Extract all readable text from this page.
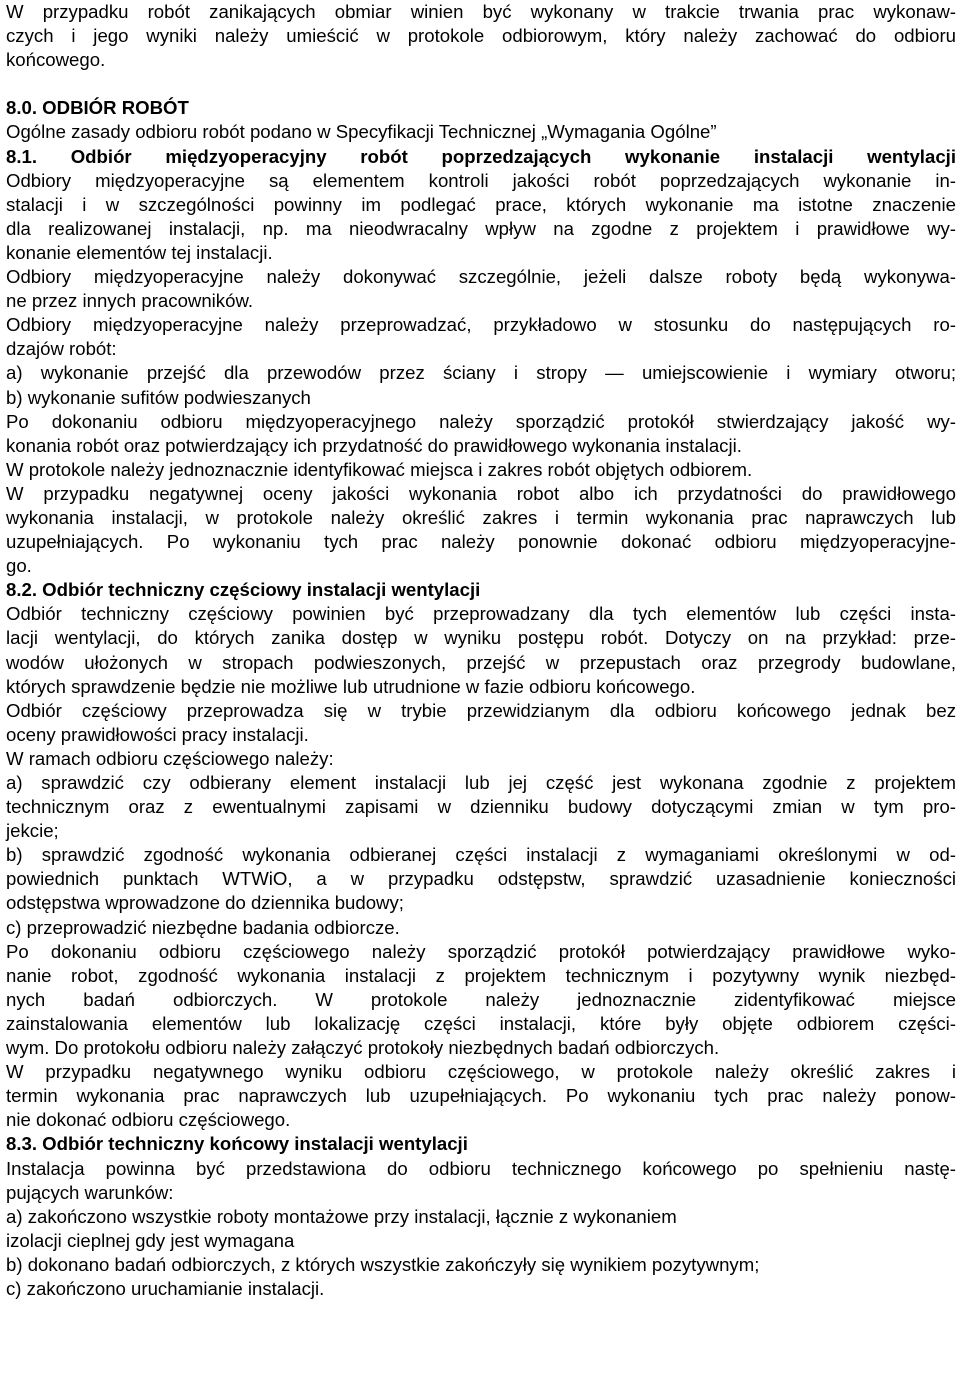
W przypadku robót zanikających obmiar winien być wykonany w trakcie trwania prac wykonaw-
czych i jego wyniki należy umieścić w protokole odbiorowym, który należy zachować do odbioru
końcowego.
8.0. ODBIÓR ROBÓT
Ogólne zasady odbioru robót podano w Specyfikacji Technicznej „Wymagania Ogólne”
8.1. Odbiór międzyoperacyjny robót poprzedzających wykonanie instalacji wentylacji
Odbiory międzyoperacyjne są elementem kontroli jakości robót poprzedzających wykonanie in-
stalacji i w szczególności powinny im podlegać prace, których wykonanie ma istotne znaczenie
dla realizowanej instalacji, np. ma nieodwracalny wpływ na zgodne z projektem i prawidłowe wy-
konanie elementów tej instalacji.
Odbiory międzyoperacyjne należy dokonywać szczególnie, jeżeli dalsze roboty będą wykonywa-
ne przez innych pracowników.
Odbiory międzyoperacyjne należy przeprowadzać, przykładowo w stosunku do następujących ro-
dzajów robót:
a) wykonanie przejść dla przewodów przez ściany i stropy — umiejscowienie i wymiary otworu;
b) wykonanie sufitów podwieszanych
Po dokonaniu odbioru międzyoperacyjnego należy sporządzić protokół stwierdzający jakość wy-
konania robót oraz potwierdzający ich przydatność do prawidłowego wykonania instalacji.
W protokole należy jednoznacznie identyfikować miejsca i zakres robót objętych odbiorem.
W przypadku negatywnej oceny jakości wykonania robot albo ich przydatności do prawidłowego
wykonania instalacji, w protokole należy określić zakres i termin wykonania prac naprawczych lub
uzupełniających. Po wykonaniu tych prac należy ponownie dokonać odbioru międzyoperacyjne-
go.
8.2. Odbiór techniczny częściowy instalacji wentylacji
Odbiór techniczny częściowy powinien być przeprowadzany dla tych elementów lub części insta-
lacji wentylacji, do których zanika dostęp w wyniku postępu robót. Dotyczy on na przykład: prze-
wodów ułożonych w stropach podwieszonych, przejść w przepustach oraz przegrody budowlane,
których sprawdzenie będzie nie możliwe lub utrudnione w fazie odbioru końcowego.
Odbiór częściowy przeprowadza się w trybie przewidzianym dla odbioru końcowego jednak bez
oceny prawidłowości pracy instalacji.
W ramach odbioru częściowego należy:
a) sprawdzić czy odbierany element instalacji lub jej część jest wykonana zgodnie z projektem
technicznym oraz z ewentualnymi zapisami w dzienniku budowy dotyczącymi zmian w tym pro-
jekcie;
b) sprawdzić zgodność wykonania odbieranej części instalacji z wymaganiami określonymi w od-
powiednich punktach WTWiO, a w przypadku odstępstw, sprawdzić uzasadnienie konieczności
odstępstwa wprowadzone do dziennika budowy;
c) przeprowadzić niezbędne badania odbiorcze.
Po dokonaniu odbioru częściowego należy sporządzić protokół potwierdzający prawidłowe wyko-
nanie robot, zgodność wykonania instalacji z projektem technicznym i pozytywny wynik niezbęd-
nych badań odbiorczych. W protokole należy jednoznacznie zidentyfikować miejsce
zainstalowania elementów lub lokalizację części instalacji, które były objęte odbiorem części-
wym. Do protokołu odbioru należy załączyć protokoły niezbędnych badań odbiorczych.
W przypadku negatywnego wyniku odbioru częściowego, w protokole należy określić zakres i
termin wykonania prac naprawczych lub uzupełniających. Po wykonaniu tych prac należy ponow-
nie dokonać odbioru częściowego.
8.3. Odbiór techniczny końcowy instalacji wentylacji
Instalacja powinna być przedstawiona do odbioru technicznego końcowego po spełnieniu nastę-
pujących warunków:
a) zakończono wszystkie roboty montażowe przy instalacji, łącznie z wykonaniem
izolacji cieplnej gdy jest wymagana
b) dokonano badań odbiorczych, z których wszystkie zakończyły się wynikiem pozytywnym;
c) zakończono uruchamianie instalacji.
